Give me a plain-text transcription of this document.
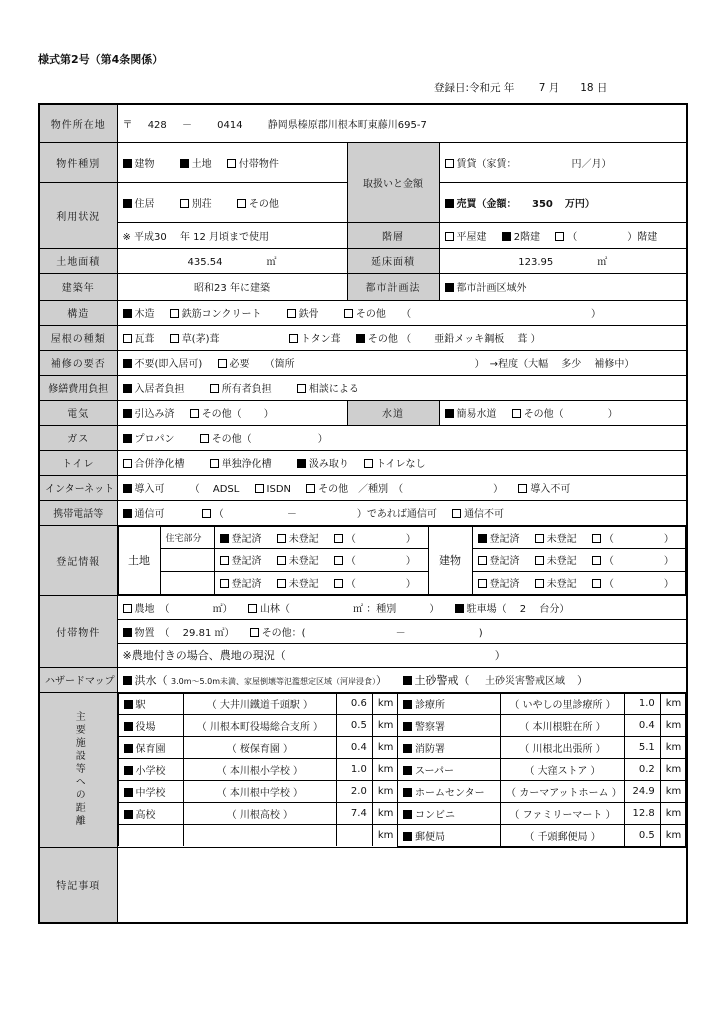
様式第2号（第4条関係）
登録日:令和元 年　 　7 月　　18 日
物件所在地	〒 428 －	0414	静岡県榛原郡川根本町東藤川695-7
物件種別	建物	土地	付帯物件	取扱いと金額	賃貸（家賃：　　　　　　円／月）
利用状況	住居	別荘	その他	売買（金額： 350 万円）
※ 平成30　 年 12 月頃まで使用	階層	平屋建	2階建	（　　　　　）階建
土地面積	435.54	㎡	延床面積	123.95	㎡
建築年	昭和23 年に建築	都市計画法	都市計画区域外
構造	木造	鉄筋コンクリート	鉄骨	その他 （　　　　　　　　　　　　　　　　　　）
屋根の種類	瓦葺	草(茅)葺	トタン葺	その他 （　　 亜鉛メッキ鋼板　 葺 ）
補修の要否	不要(即入居可)	必要 （箇所　　　　　　　　　　　　　　　　　　）　→程度（大幅　 多少　 補修中）
修繕費用負担	入居者負担	所有者負担	相談による
電気	引込み済	その他（ ）	水道	簡易水道	その他（	）
ガス	プロパン	その他（	）
トイレ	合併浄化槽	単独浄化槽	汲み取り	トイレなし
インターネット	導入可	（　 ADSL	ISDN	その他　／種別　（　　　　　　　　　）	導入不可
携帯電話等	通信可	（　　　　　　 －　　　　　　）であれば通信可	通信不可
登記情報		土地	住宅部分	登記済	未登記	（　　　　　）	建物	登記済	未登記	（　　　　　）
	登記済	未登記	（　　　　　）	登記済	未登記	（　　　　　）
	登記済	未登記	（　　　　　）	登記済	未登記	（　　　　　）

付帯物件	農地　（　　　　 ㎡）	山林（　　　　　　 ㎡ ：種別　　　 ）	駐車場（　 2　 台分）
物置　（　 29.81 ㎡）	その他：(　　　　　　　　　－　　　　　　　 )
※農地付きの場合、農地の現況（　　　　　　　　　　　　　　　　　　　）
ハザードマップ	洪水（ 3.0m～5.0m未満、家屋倒壊等氾濫想定区域（河岸浸食））	土砂警戒（ 土砂災害警戒区域 ）

主要施設等への距離

駅	（ 大井川鐵道千頭駅 ）	0.6	km	診療所	（ いやしの里診療所 ）	1.0	km
役場	（ 川根本町役場総合支所 ）	0.5	km	警察署	（ 本川根駐在所 ）	0.4	km
保育園	（ 桜保育園 ）	0.4	km	消防署	（ 川根北出張所 ）	5.1	km
小学校	（ 本川根小学校 ）	1.0	km	スーパー	（ 大窪ストア ）	0.2	km
中学校	（ 本川根中学校 ）	2.0	km	ホームセンター	（ カーマアットホーム ）	24.9	km
高校	（ 川根高校 ）	7.4	km	コンビニ	（ ファミリーマート ）	12.8	km
			km	郵便局	（ 千頭郵便局 ）	0.5	km

特記事項	
